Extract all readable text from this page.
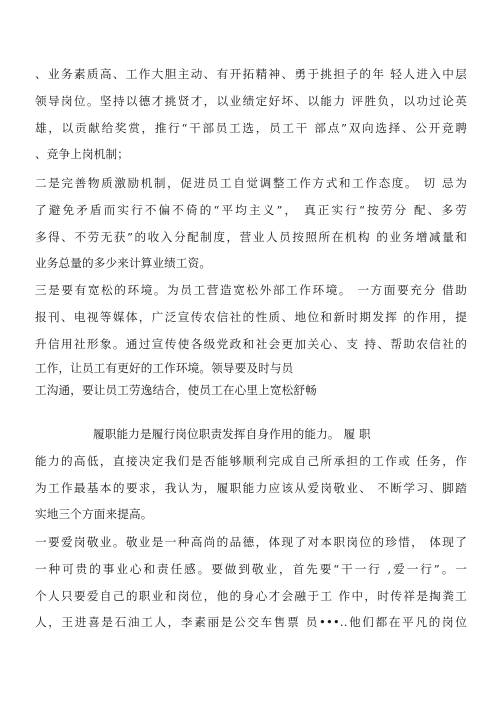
、业务素质高、工作大胆主动、有开拓精神、勇于挑担子的年 轻人进入中层
领导岗位。坚持以德才挑贤才，以业绩定好坏、以能力 评胜负，以功过论英
雄，以贡献给奖赏，推行“干部员工选，员工干 部点”双向选择、公开竞聘
、竞争上岗机制；

二是完善物质激励机制，促进员工自觉调整工作方式和工作态度。 切 忌为
了避免矛盾而实行不偏不倚的“平均主义”， 真正实行“按劳分 配、多劳
多得、不劳无获”的收入分配制度，营业人员按照所在机构 的业务增减量和
业务总量的多少来计算业绩工资。

三是要有宽松的环境。为员工营造宽松外部工作环境。 一方面要充分 借助
报刊、电视等媒体，广泛宣传农信社的性质、地位和新时期发挥 的作用，提
升信用社形象。通过宣传使各级党政和社会更加关心、支 持、帮助农信社的
工作，让员工有更好的工作环境。领导要及时与员
工沟通，要让员工劳逸结合，使员工在心里上宽松舒畅

履职能力是履行岗位职责发挥自身作用的能力。 履 职
能力的高低，直接决定我们是否能够顺利完成自己所承担的工作或 任务，作
为工作最基本的要求，我认为，履职能力应该从爱岗敬业、 不断学习、脚踏
实地三个方面来提高。

一要爱岗敬业。敬业是一种高尚的品德，体现了对本职岗位的珍惜， 体现了
一种可贵的事业心和责任感。要做到敬业，首先要“干一行 ,爱一行”。一
个人只要爱自己的职业和岗位，他的身心才会融于工 作中，时传祥是掏粪工
人，王进喜是石油工人，李素丽是公交车售票 员•••..他们都在平凡的岗位
